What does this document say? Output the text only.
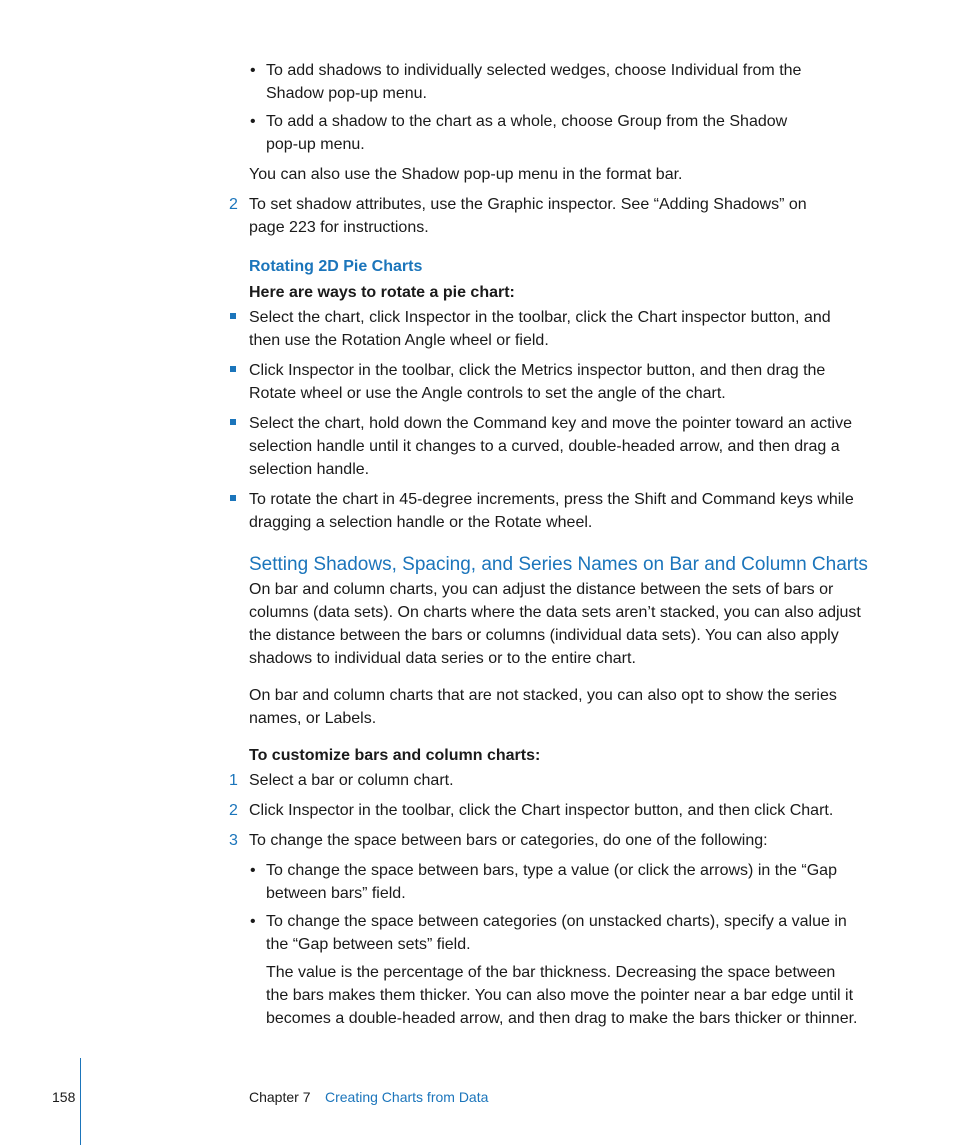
• To add shadows to individually selected wedges, choose Individual from the
Shadow pop-up menu.
• To add a shadow to the chart as a whole, choose Group from the Shadow
pop-up menu.
You can also use the Shadow pop-up menu in the format bar.
2 To set shadow attributes, use the Graphic inspector. See “Adding Shadows” on
page 223 for instructions.
Rotating 2D Pie Charts
Here are ways to rotate a pie chart:
Select the chart, click Inspector in the toolbar, click the Chart inspector button, and
then use the Rotation Angle wheel or field.
Click Inspector in the toolbar, click the Metrics inspector button, and then drag the
Rotate wheel or use the Angle controls to set the angle of the chart.
Select the chart, hold down the Command key and move the pointer toward an active
selection handle until it changes to a curved, double-headed arrow, and then drag a
selection handle.
To rotate the chart in 45-degree increments, press the Shift and Command keys while
dragging a selection handle or the Rotate wheel.
Setting Shadows, Spacing, and Series Names on Bar and Column Charts
On bar and column charts, you can adjust the distance between the sets of bars or
columns (data sets). On charts where the data sets aren’t stacked, you can also adjust
the distance between the bars or columns (individual data sets). You can also apply
shadows to individual data series or to the entire chart.
On bar and column charts that are not stacked, you can also opt to show the series
names, or Labels.
To customize bars and column charts:
1 Select a bar or column chart.
2 Click Inspector in the toolbar, click the Chart inspector button, and then click Chart.
3 To change the space between bars or categories, do one of the following:
• To change the space between bars, type a value (or click the arrows) in the “Gap
between bars” field.
• To change the space between categories (on unstacked charts), specify a value in
the “Gap between sets” field.
The value is the percentage of the bar thickness. Decreasing the space between
the bars makes them thicker. You can also move the pointer near a bar edge until it
becomes a double-headed arrow, and then drag to make the bars thicker or thinner.
158	Chapter 7 Creating Charts from Data
